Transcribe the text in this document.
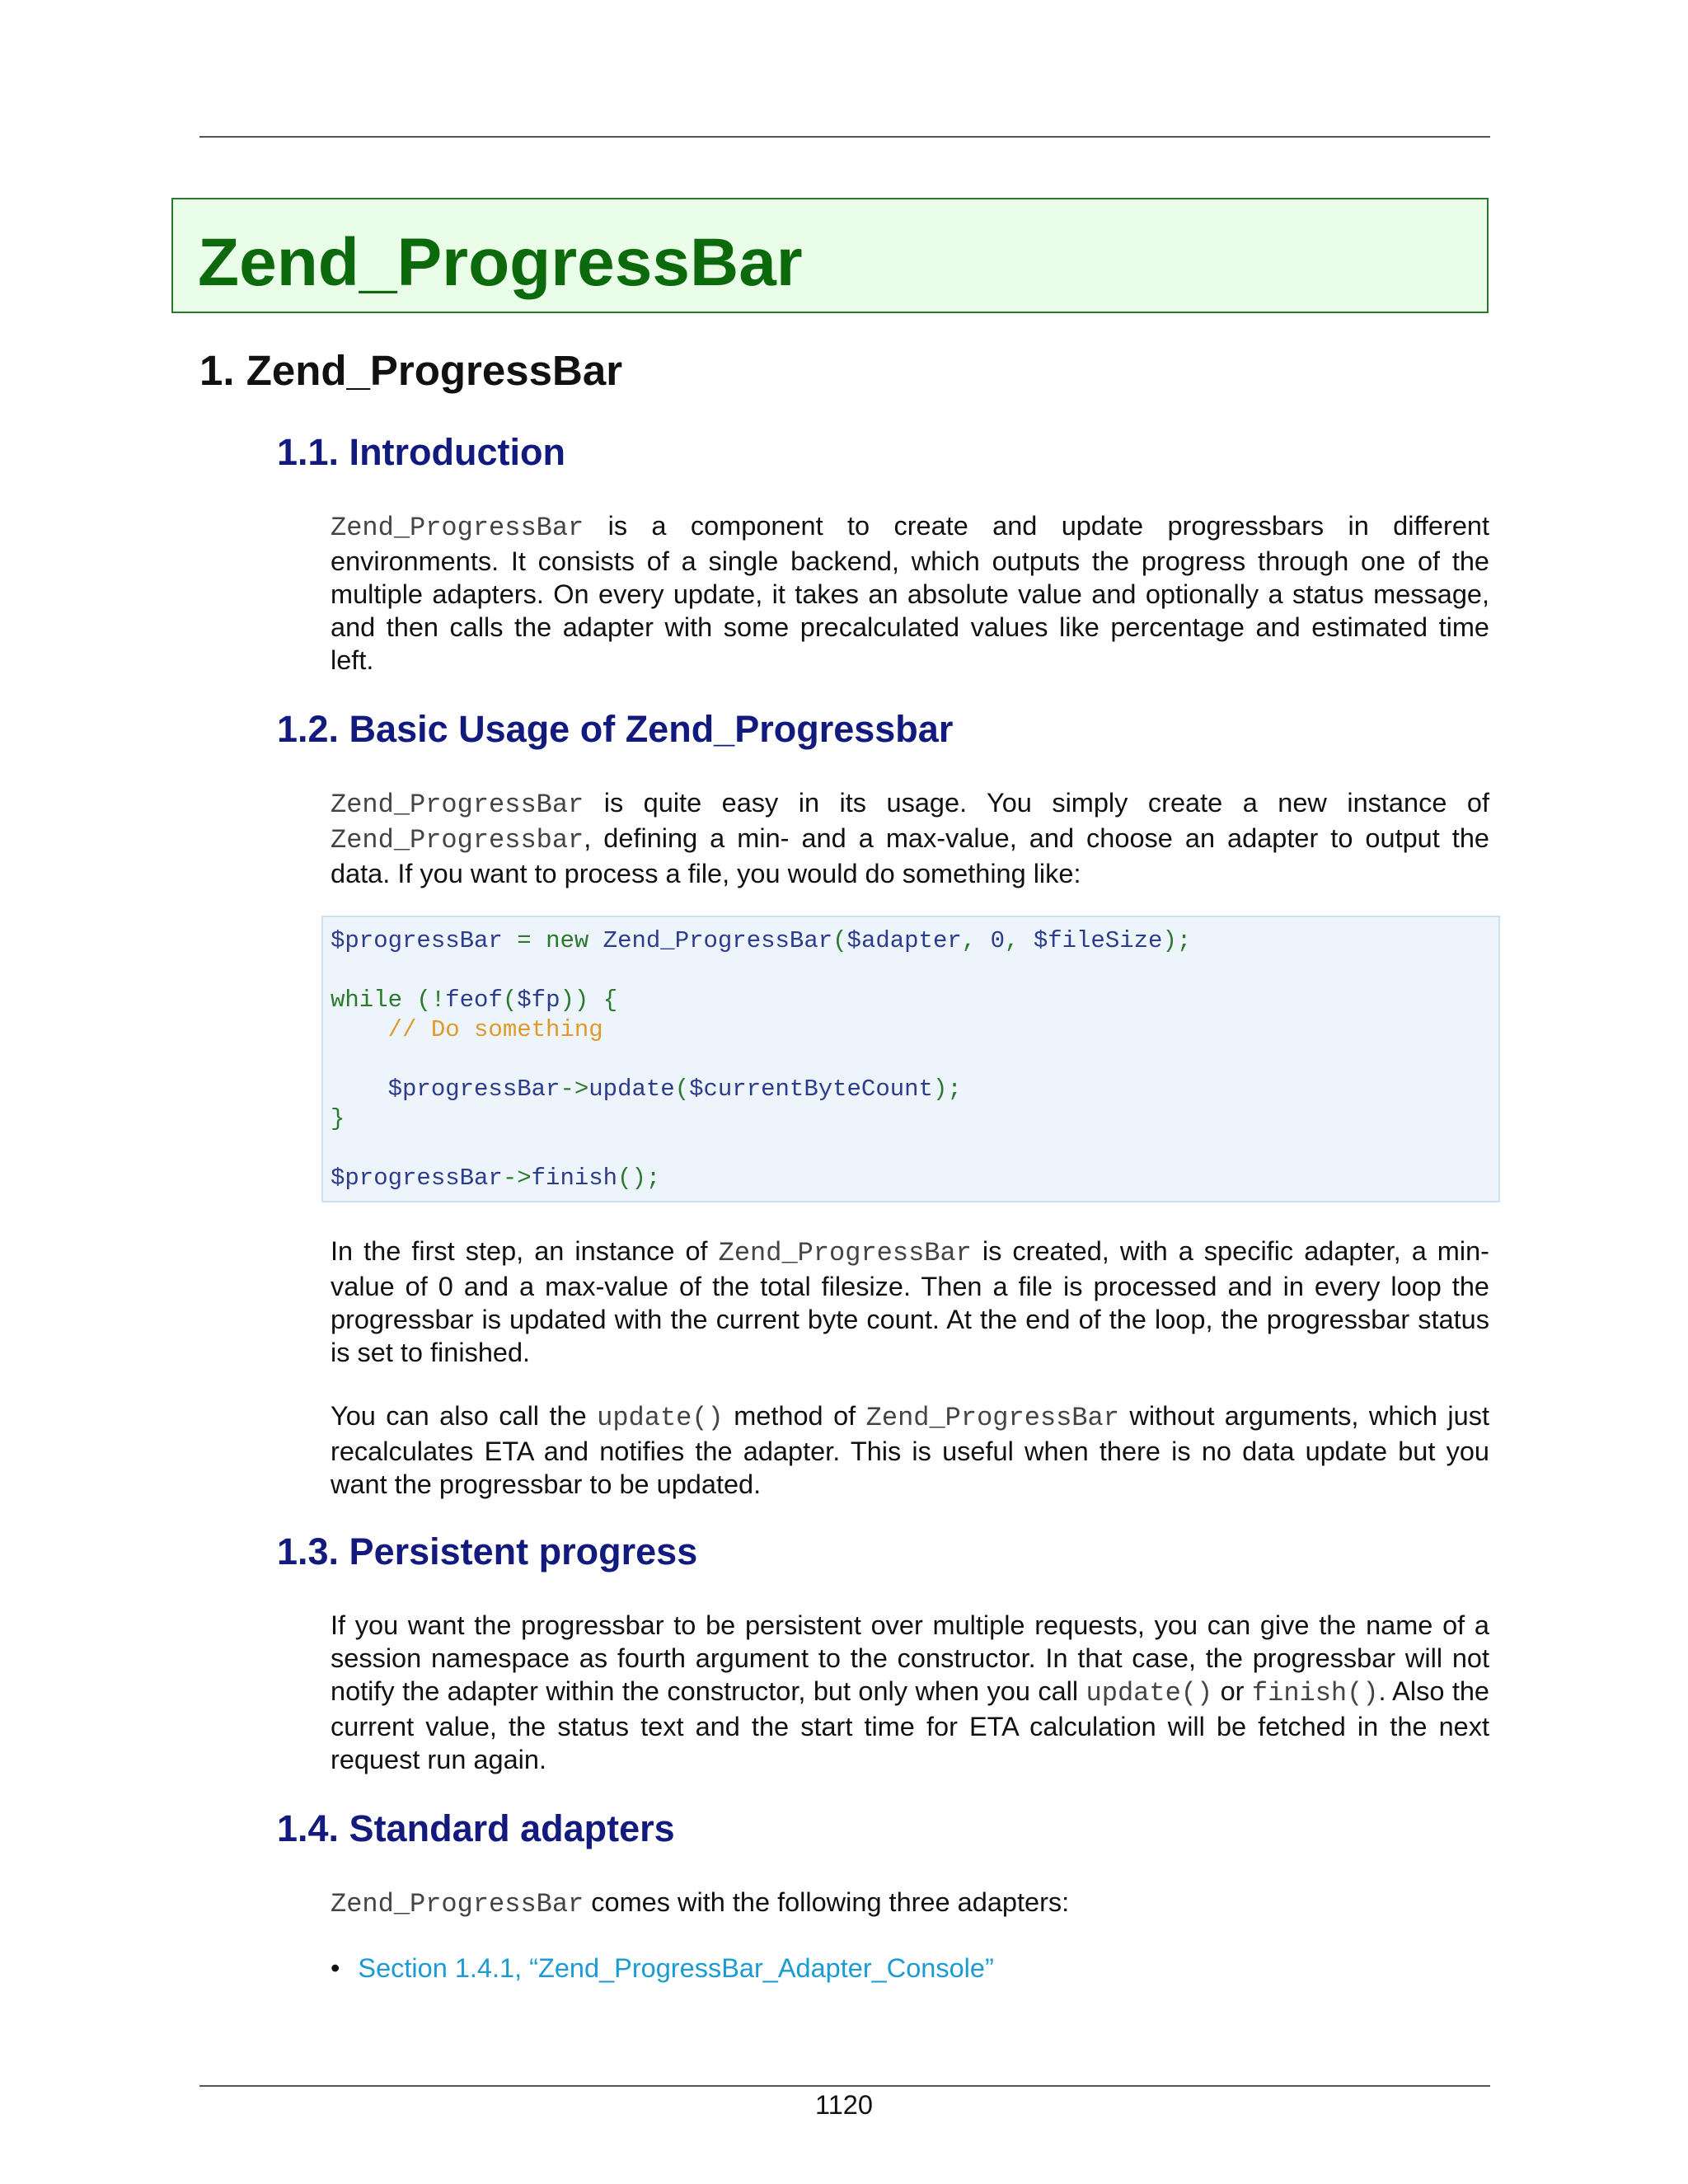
Zend_ProgressBar
1. Zend_ProgressBar
1.1. Introduction

Zend_ProgressBar is a component to create and update progressbars in different environments. It consists of a single backend, which outputs the progress through one of the multiple adapters. On every update, it takes an absolute value and optionally a status message, and then calls the adapter with some precalculated values like percentage and estimated time left.

1.2. Basic Usage of Zend_Progressbar

Zend_ProgressBar is quite easy in its usage. You simply create a new instance of Zend_Progressbar, defining a min- and a max-value, and choose an adapter to output the data. If you want to process a file, you would do something like:

$progressBar = new Zend_ProgressBar($adapter, 0, $fileSize);
while (!feof($fp)) {
// Do something
$progressBar->update($currentByteCount);
}
$progressBar->finish();

In the first step, an instance of Zend_ProgressBar is created, with a specific adapter, a min-value of 0 and a max-value of the total filesize. Then a file is processed and in every loop the progressbar is updated with the current byte count. At the end of the loop, the progressbar status is set to finished.

You can also call the update() method of Zend_ProgressBar without arguments, which just recalculates ETA and notifies the adapter. This is useful when there is no data update but you want the progressbar to be updated.

1.3. Persistent progress

If you want the progressbar to be persistent over multiple requests, you can give the name of a session namespace as fourth argument to the constructor. In that case, the progressbar will not notify the adapter within the constructor, but only when you call update() or finish(). Also the current value, the status text and the start time for ETA calculation will be fetched in the next request run again.

1.4. Standard adapters

Zend_ProgressBar comes with the following three adapters:

• Section 1.4.1, “Zend_ProgressBar_Adapter_Console”
1120
